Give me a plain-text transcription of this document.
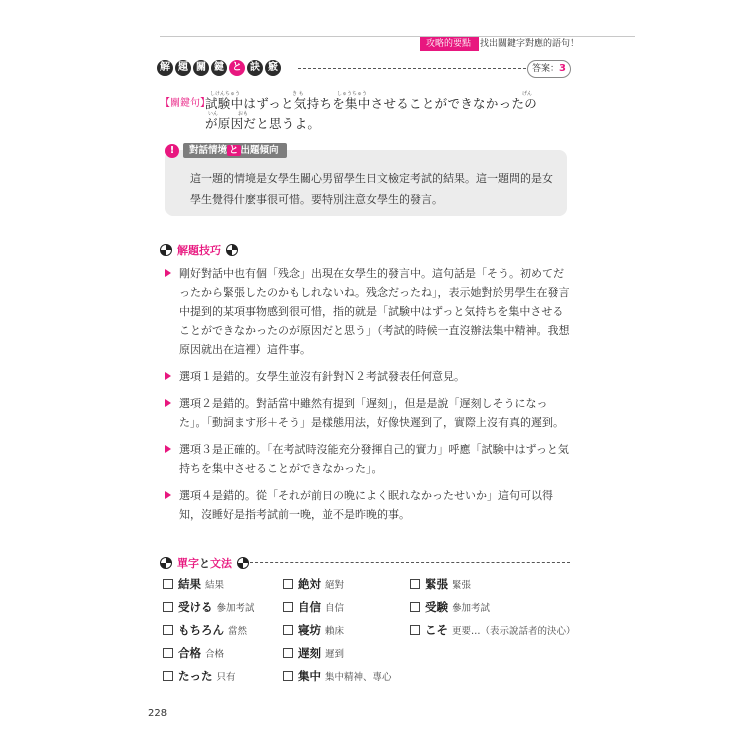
攻略的要點 找出關鍵字對應的語句！
解 題 關 鍵 と 訣 竅	答案：3
【關鍵句】
しけんちゅう	き も	しゅうちゅう	げん
いん	おも
試験中はずっと気持ちを集中させることができなかったのが原因だと思うよ。
!	對話情境 と 出題傾向
這一題的情境是女學生關心男留學生日文檢定考試的結果。這一題問的是女學生覺得什麼事很可惜。要特別注意女學生的發言。
解題技巧
剛好對話中也有個「残念」出現在女學生的發言中。這句話是「そう。初めてだったから緊張したのかもしれないね。残念だったね」，表示她對於男學生在發言中提到的某項事物感到很可惜，指的就是「試験中はずっと気持ちを集中させることができなかったのが原因だと思う」（考試的時候一直沒辦法集中精神。我想原因就出在這裡）這件事。
選項１是錯的。女學生並沒有針對Ｎ２考試發表任何意見。
選項２是錯的。對話當中雖然有提到「遅刻」，但是是說「遅刻しそうになった」。「動詞ます形＋そう」是樣態用法，好像快遲到了，實際上沒有真的遲到。
選項３是正確的。「在考試時沒能充分發揮自己的實力」呼應「試験中はずっと気持ちを集中させることができなかった」。
選項４是錯的。從「それが前日の晩によく眠れなかったせいか」這句可以得知，沒睡好是指考試前一晚，並不是昨晚的事。
單字と文法
結果 結果	絶対 絕對	緊張 緊張
受ける 參加考試	自信 自信	受験 參加考試
もちろん 當然	寝坊 賴床	こそ 更要…（表示說話者的決心）
合格 合格	遅刻 遲到
たった 只有	集中 集中精神、專心
228
